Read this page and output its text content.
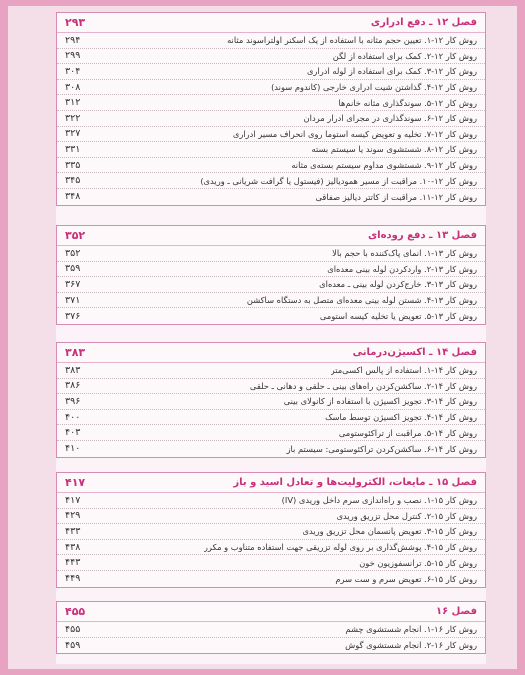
۲۹۳	فصل ۱۲ ـ دفع ادراری
۲۹۴	روش کار ۱۲-۱. تعیین حجم مثانه با استفاده از یک اسکنر اولتراسوند مثانه
۲۹۹	روش کار ۱۲-۲. کمک برای استفاده از لگن
۳۰۴	روش کار ۱۲-۳. کمک برای استفاده از لوله ادراری
۳۰۸	روش کار ۱۲-۴. گذاشتن شیت ادراری خارجی (کاندوم سوند)
۳۱۲	روش کار ۱۲-۵. سوندگذاری مثانه خانم‌ها
۳۲۲	روش کار ۱۲-۶. سوندگذاری در مجرای ادرار مردان
۳۲۷	روش کار ۱۲-۷. تخلیه و تعویض کیسه استوما روی انحراف مسیر ادراری
۳۳۱	روش کار ۱۲-۸. شستشوی سوند یا سیستم بسته
۳۳۵	روش کار ۱۲-۹. شستشوی مداوم سیستم بسته‌ی مثانه
۳۴۵	روش کار ۱۲-۱۰. مراقبت از مسیر همودیالیز (فیستول یا گرافت شریانی ـ وریدی)
۳۴۸	روش کار ۱۲-۱۱. مراقبت از کاتتر دیالیز صفاقی
۳۵۲	فصل ۱۳ ـ دفع روده‌ای
۳۵۲	روش کار ۱۳-۱. انمای پاک‌کننده با حجم بالا
۳۵۹	روش کار ۱۳-۲. واردکردن لوله بینی معده‌ای
۳۶۷	روش کار ۱۳-۳. خارج‌کردن لوله بینی ـ معده‌ای
۳۷۱	روش کار ۱۳-۴. شستن لوله بینی معده‌ای متصل به دستگاه ساکشن
۳۷۶	روش کار ۱۳-۵. تعویض یا تخلیه کیسه استومی
۳۸۳	فصل ۱۴ ـ اکسیژن‌درمانی
۳۸۳	روش کار ۱۴-۱. استفاده از پالس اکسی‌متر
۳۸۶	روش کار ۱۴-۲. ساکشن‌کردن راه‌های بینی ـ حلقی و دهانی ـ حلقی
۳۹۶	روش کار ۱۴-۳. تجویز اکسیژن با استفاده از کانولای بینی
۴۰۰	روش کار ۱۴-۴. تجویز اکسیژن توسط ماسک
۴۰۳	روش کار ۱۴-۵. مراقبت از تراکئوستومی
۴۱۰	روش کار ۱۴-۶. ساکشن‌کردن تراکئوستومی: سیستم باز
۴۱۷	فصل ۱۵ ـ مایعات، الکترولیت‌ها و تعادل اسید و باز
۴۱۷	روش کار ۱۵-۱. نصب و راه‌اندازی سرم داخل وریدی (IV)
۴۲۹	روش کار ۱۵-۲. کنترل محل تزریق وریدی
۴۳۳	روش کار ۱۵-۳. تعویض پانسمان محل تزریق وریدی
۴۳۸	روش کار ۱۵-۴. پوشش‌گذاری بر روی لوله تزریقی جهت استفاده متناوب و مکرر
۴۴۳	روش کار ۱۵-۵. ترانسفوزیون خون
۴۴۹	روش کار ۱۵-۶. تعویض سرم و ست سرم
۴۵۵	فصل ۱۶
۴۵۵	روش کار ۱۶-۱. انجام شستشوی چشم
۴۵۹	روش کار ۱۶-۲. انجام شستشوی گوش
